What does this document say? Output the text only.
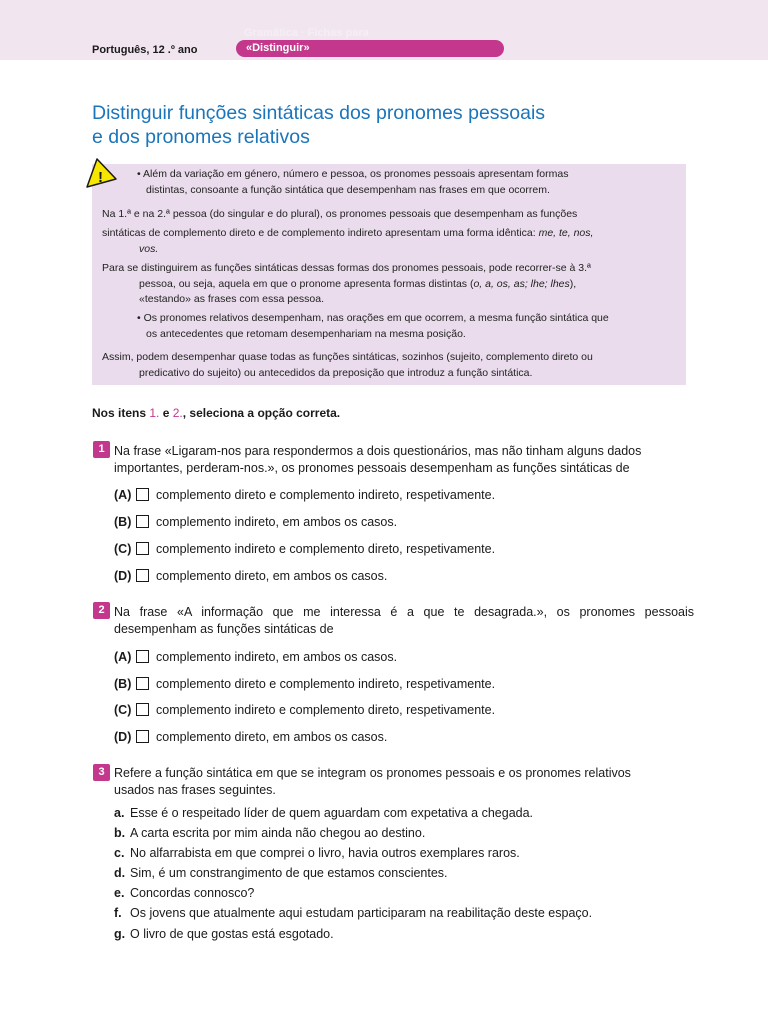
Português, 12 .º ano
Gramática · Fichas para
«Distinguir»
Distinguir funções sintáticas dos pronomes pessoais
e dos pronomes relativos
!	• Além da variação em género, número e pessoa, os pronomes pessoais apresentam formas
distintas, consoante a função sintática que desempenham nas frases em que ocorrem.
Na 1.ª e na 2.ª pessoa (do singular e do plural), os pronomes pessoais que desempenham as funções
sintáticas de complemento direto e de complemento indireto apresentam uma forma idêntica: me, te, nos,
vos.
Para se distinguirem as funções sintáticas dessas formas dos pronomes pessoais, pode recorrer-se à 3.ª
pessoa, ou seja, aquela em que o pronome apresenta formas distintas (o, a, os, as; lhe; lhes),
«testando» as frases com essa pessoa.
• Os pronomes relativos desempenham, nas orações em que ocorrem, a mesma função sintática que
os antecedentes que retomam desempenhariam na mesma posição.
Assim, podem desempenhar quase todas as funções sintáticas, sozinhos (sujeito, complemento direto ou
predicativo do sujeito) ou antecedidos da preposição que introduz a função sintática.
Nos itens 1. e 2., seleciona a opção correta.
1 Na frase «Ligaram-nos para respondermos a dois questionários, mas não tinham alguns dados
importantes, perderam-nos.», os pronomes pessoais desempenham as funções sintáticas de
(A) complemento direto e complemento indireto, respetivamente.
(B) complemento indireto, em ambos os casos.
(C) complemento indireto e complemento direto, respetivamente.
(D) complemento direto, em ambos os casos.
2 Na frase «A informação que me interessa é a que te desagrada.», os pronomes pessoais
desempenham as funções sintáticas de
(A) complemento indireto, em ambos os casos.
(B) complemento direto e complemento indireto, respetivamente.
(C) complemento indireto e complemento direto, respetivamente.
(D) complemento direto, em ambos os casos.
3 Refere a função sintática em que se integram os pronomes pessoais e os pronomes relativos
usados nas frases seguintes.
a. Esse é o respeitado líder de quem aguardam com expetativa a chegada.
b. A carta escrita por mim ainda não chegou ao destino.
c. No alfarrabista em que comprei o livro, havia outros exemplares raros.
d. Sim, é um constrangimento de que estamos conscientes.
e. Concordas connosco?
f. Os jovens que atualmente aqui estudam participaram na reabilitação deste espaço.
g. O livro de que gostas está esgotado.
